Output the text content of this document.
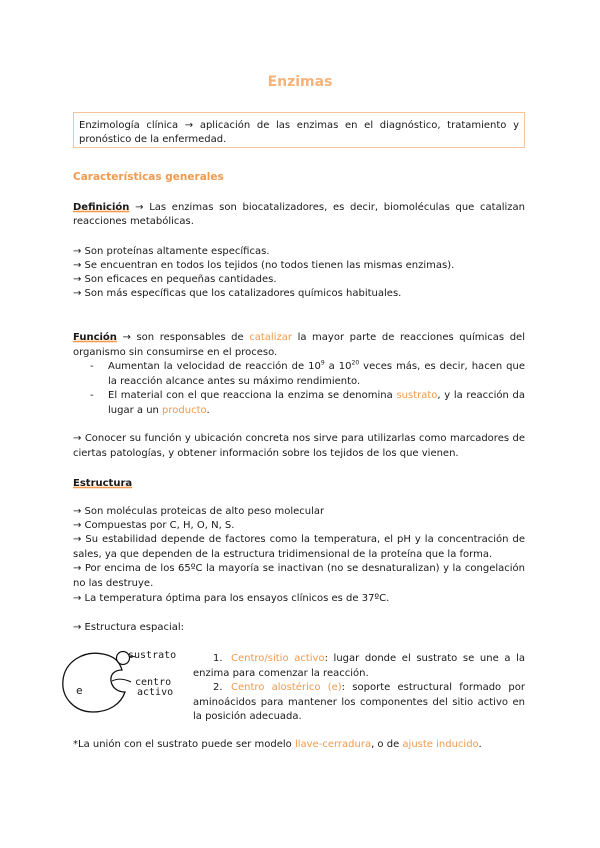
Enzimas
Enzimología clínica → aplicación de las enzimas en el diagnóstico, tratamiento y pronóstico de la enfermedad.
Características generales
Definición → Las enzimas son biocatalizadores, es decir, biomoléculas que catalizan reacciones metabólicas.
→ Son proteínas altamente específicas.
→ Se encuentran en todos los tejidos (no todos tienen las mismas enzimas).
→ Son eficaces en pequeñas cantidades.
→ Son más específicas que los catalizadores químicos habituales.
Función → son responsables de catalizar la mayor parte de reacciones químicas del organismo sin consumirse en el proceso.
- Aumentan la velocidad de reacción de $10^9$ a $10^{20}$ veces más, es decir, hacen que la reacción alcance antes su máximo rendimiento.
- El material con el que reacciona la enzima se denomina sustrato, y la reacción da lugar a un producto.
→ Conocer su función y ubicación concreta nos sirve para utilizarlas como marcadores de ciertas patologías, y obtener información sobre los tejidos de los que vienen.
Estructura
→ Son moléculas proteicas de alto peso molecular
→ Compuestas por C, H, O, N, S.
→ Su estabilidad depende de factores como la temperatura, el pH y la concentración de sales, ya que dependen de la estructura tridimensional de la proteína que la forma.
→ Por encima de los 65ºC la mayoría se inactivan (no se desnaturalizan) y la congelación no las destruye.
→ La temperatura óptima para los ensayos clínicos es de 37ºC.
→ Estructura espacial:
sustrato
centro
activo
e
1. Centro/sitio activo: lugar donde el sustrato se une a la enzima para comenzar la reacción.
2. Centro alostérico (e): soporte estructural formado por aminoácidos para mantener los componentes del sitio activo en la posición adecuada.
*La unión con el sustrato puede ser modelo llave-cerradura, o de ajuste inducido.
